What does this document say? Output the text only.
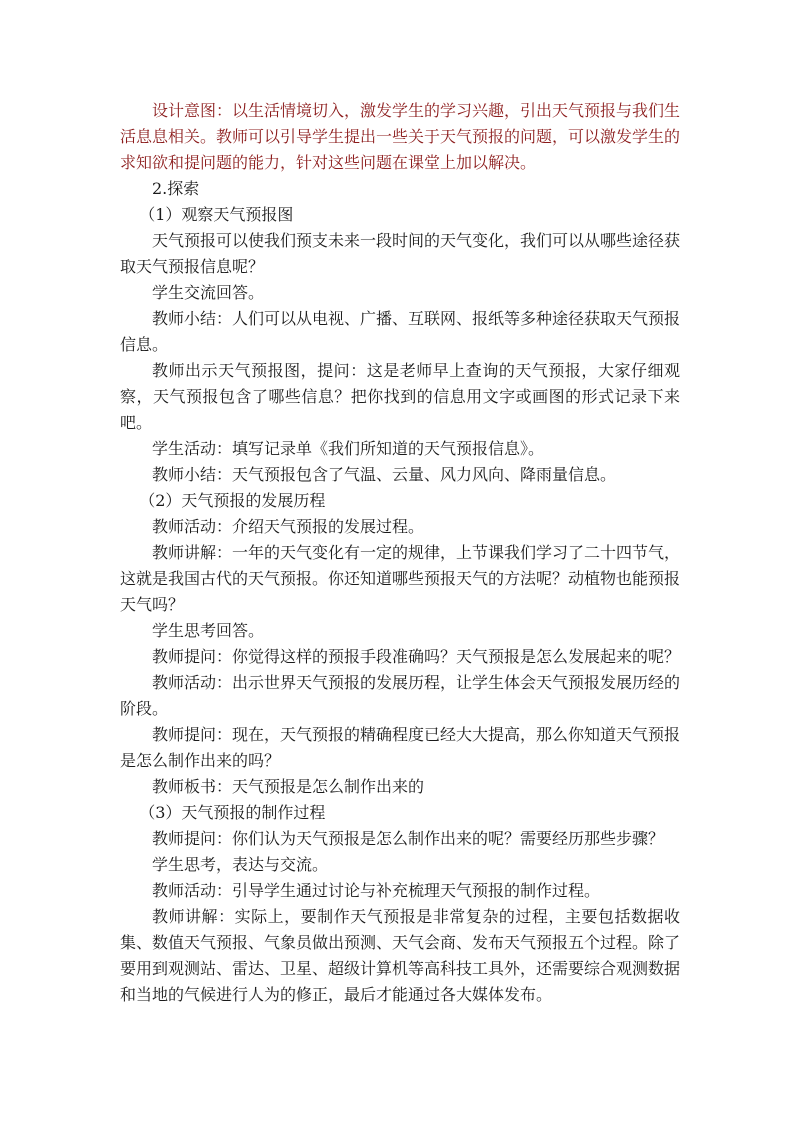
设计意图：以生活情境切入，激发学生的学习兴趣，引出天气预报与我们生活息息相关。教师可以引导学生提出一些关于天气预报的问题，可以激发学生的求知欲和提问题的能力，针对这些问题在课堂上加以解决。

2.探索

（1）观察天气预报图

天气预报可以使我们预支未来一段时间的天气变化，我们可以从哪些途径获取天气预报信息呢？

学生交流回答。

教师小结：人们可以从电视、广播、互联网、报纸等多种途径获取天气预报信息。

教师出示天气预报图，提问：这是老师早上查询的天气预报，大家仔细观察，天气预报包含了哪些信息？把你找到的信息用文字或画图的形式记录下来吧。

学生活动：填写记录单《我们所知道的天气预报信息》。

教师小结：天气预报包含了气温、云量、风力风向、降雨量信息。

（2）天气预报的发展历程

教师活动：介绍天气预报的发展过程。

教师讲解：一年的天气变化有一定的规律，上节课我们学习了二十四节气，这就是我国古代的天气预报。你还知道哪些预报天气的方法呢？动植物也能预报天气吗？

学生思考回答。

教师提问：你觉得这样的预报手段准确吗？天气预报是怎么发展起来的呢？

教师活动：出示世界天气预报的发展历程，让学生体会天气预报发展历经的阶段。

教师提问：现在，天气预报的精确程度已经大大提高，那么你知道天气预报是怎么制作出来的吗？

教师板书：天气预报是怎么制作出来的

（3）天气预报的制作过程

教师提问：你们认为天气预报是怎么制作出来的呢？需要经历那些步骤？

学生思考，表达与交流。

教师活动：引导学生通过讨论与补充梳理天气预报的制作过程。

教师讲解：实际上，要制作天气预报是非常复杂的过程，主要包括数据收集、数值天气预报、气象员做出预测、天气会商、发布天气预报五个过程。除了要用到观测站、雷达、卫星、超级计算机等高科技工具外，还需要综合观测数据和当地的气候进行人为的修正，最后才能通过各大媒体发布。
